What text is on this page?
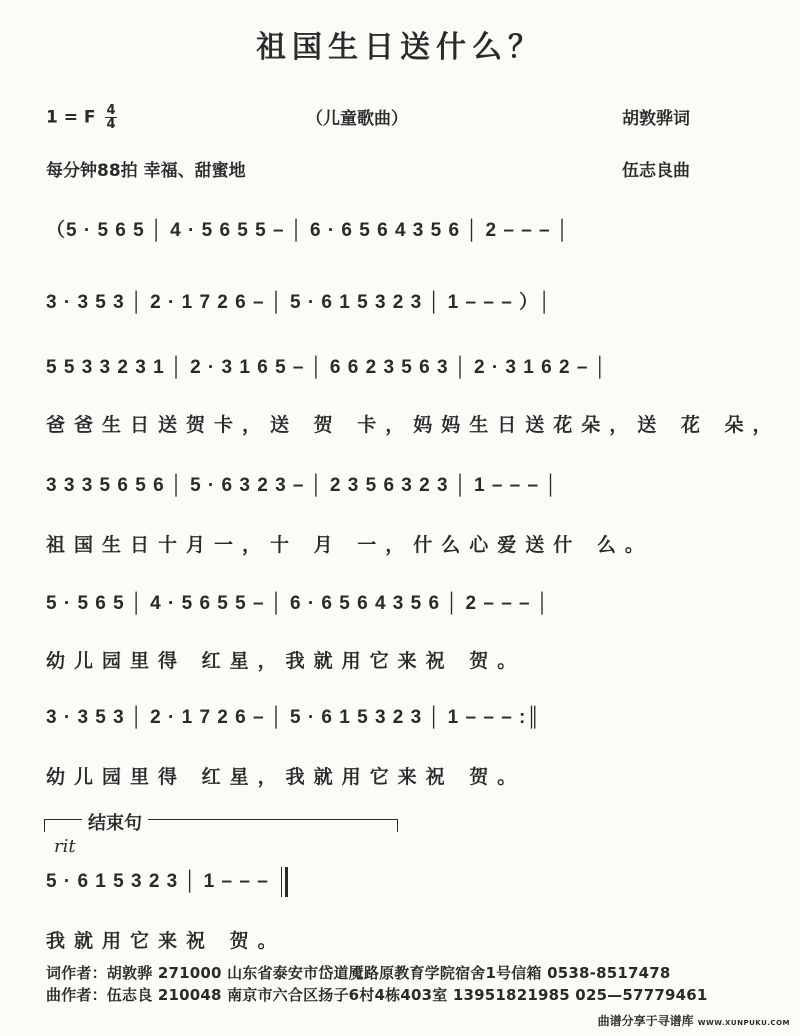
祖国生日送什么？
1 = F $\frac{4}{4}$	（儿童歌曲）	胡敦骅词
每分钟88拍 幸福、甜蜜地	伍志良曲
（5 · 5 6 5 │ 4 · 5 6 5 5 – │ 6 · 6 5 6 4 3 5 6 │ 2 – – – │
3 · 3 5 3 │ 2 · 1 7 2 6 – │ 5 · 6 1 5 3 2 3 │ 1 – – – ）│
5 5 3 3 2 3 1 │ 2 · 3 1 6 5 – │ 6 6 2 3 5 6 3 │ 2 · 3 1 6 2 – │
爸爸生日送贺卡，送 贺 卡，妈妈生日送花朵，送 花 朵，
3 3 3 5 6 5 6 │ 5 · 6 3 2 3 – │ 2 3 5 6 3 2 3 │ 1 – – – │
祖国生日十月一，十 月 一，什么心爱送什 么。
5 · 5 6 5 │ 4 · 5 6 5 5 – │ 6 · 6 5 6 4 3 5 6 │ 2 – – – │
幼儿园里得 红星，我就用它来祝 贺。
3 · 3 5 3 │ 2 · 1 7 2 6 – │ 5 · 6 1 5 3 2 3 │ 1 – – – :║
幼儿园里得 红星，我就用它来祝 贺。
结束句
rit
5 · 6 1 5 3 2 3 │ 1 – – –
我就用它来祝 贺。
词作者：胡敦骅 271000 山东省泰安市岱道魇路原教育学院宿舍1号信箱 0538-8517478
曲作者：伍志良 210048 南京市六合区扬子6村4栋403室 13951821985 025—57779461
曲谱分享于寻谱库 WWW.XUNPUKU.COM
